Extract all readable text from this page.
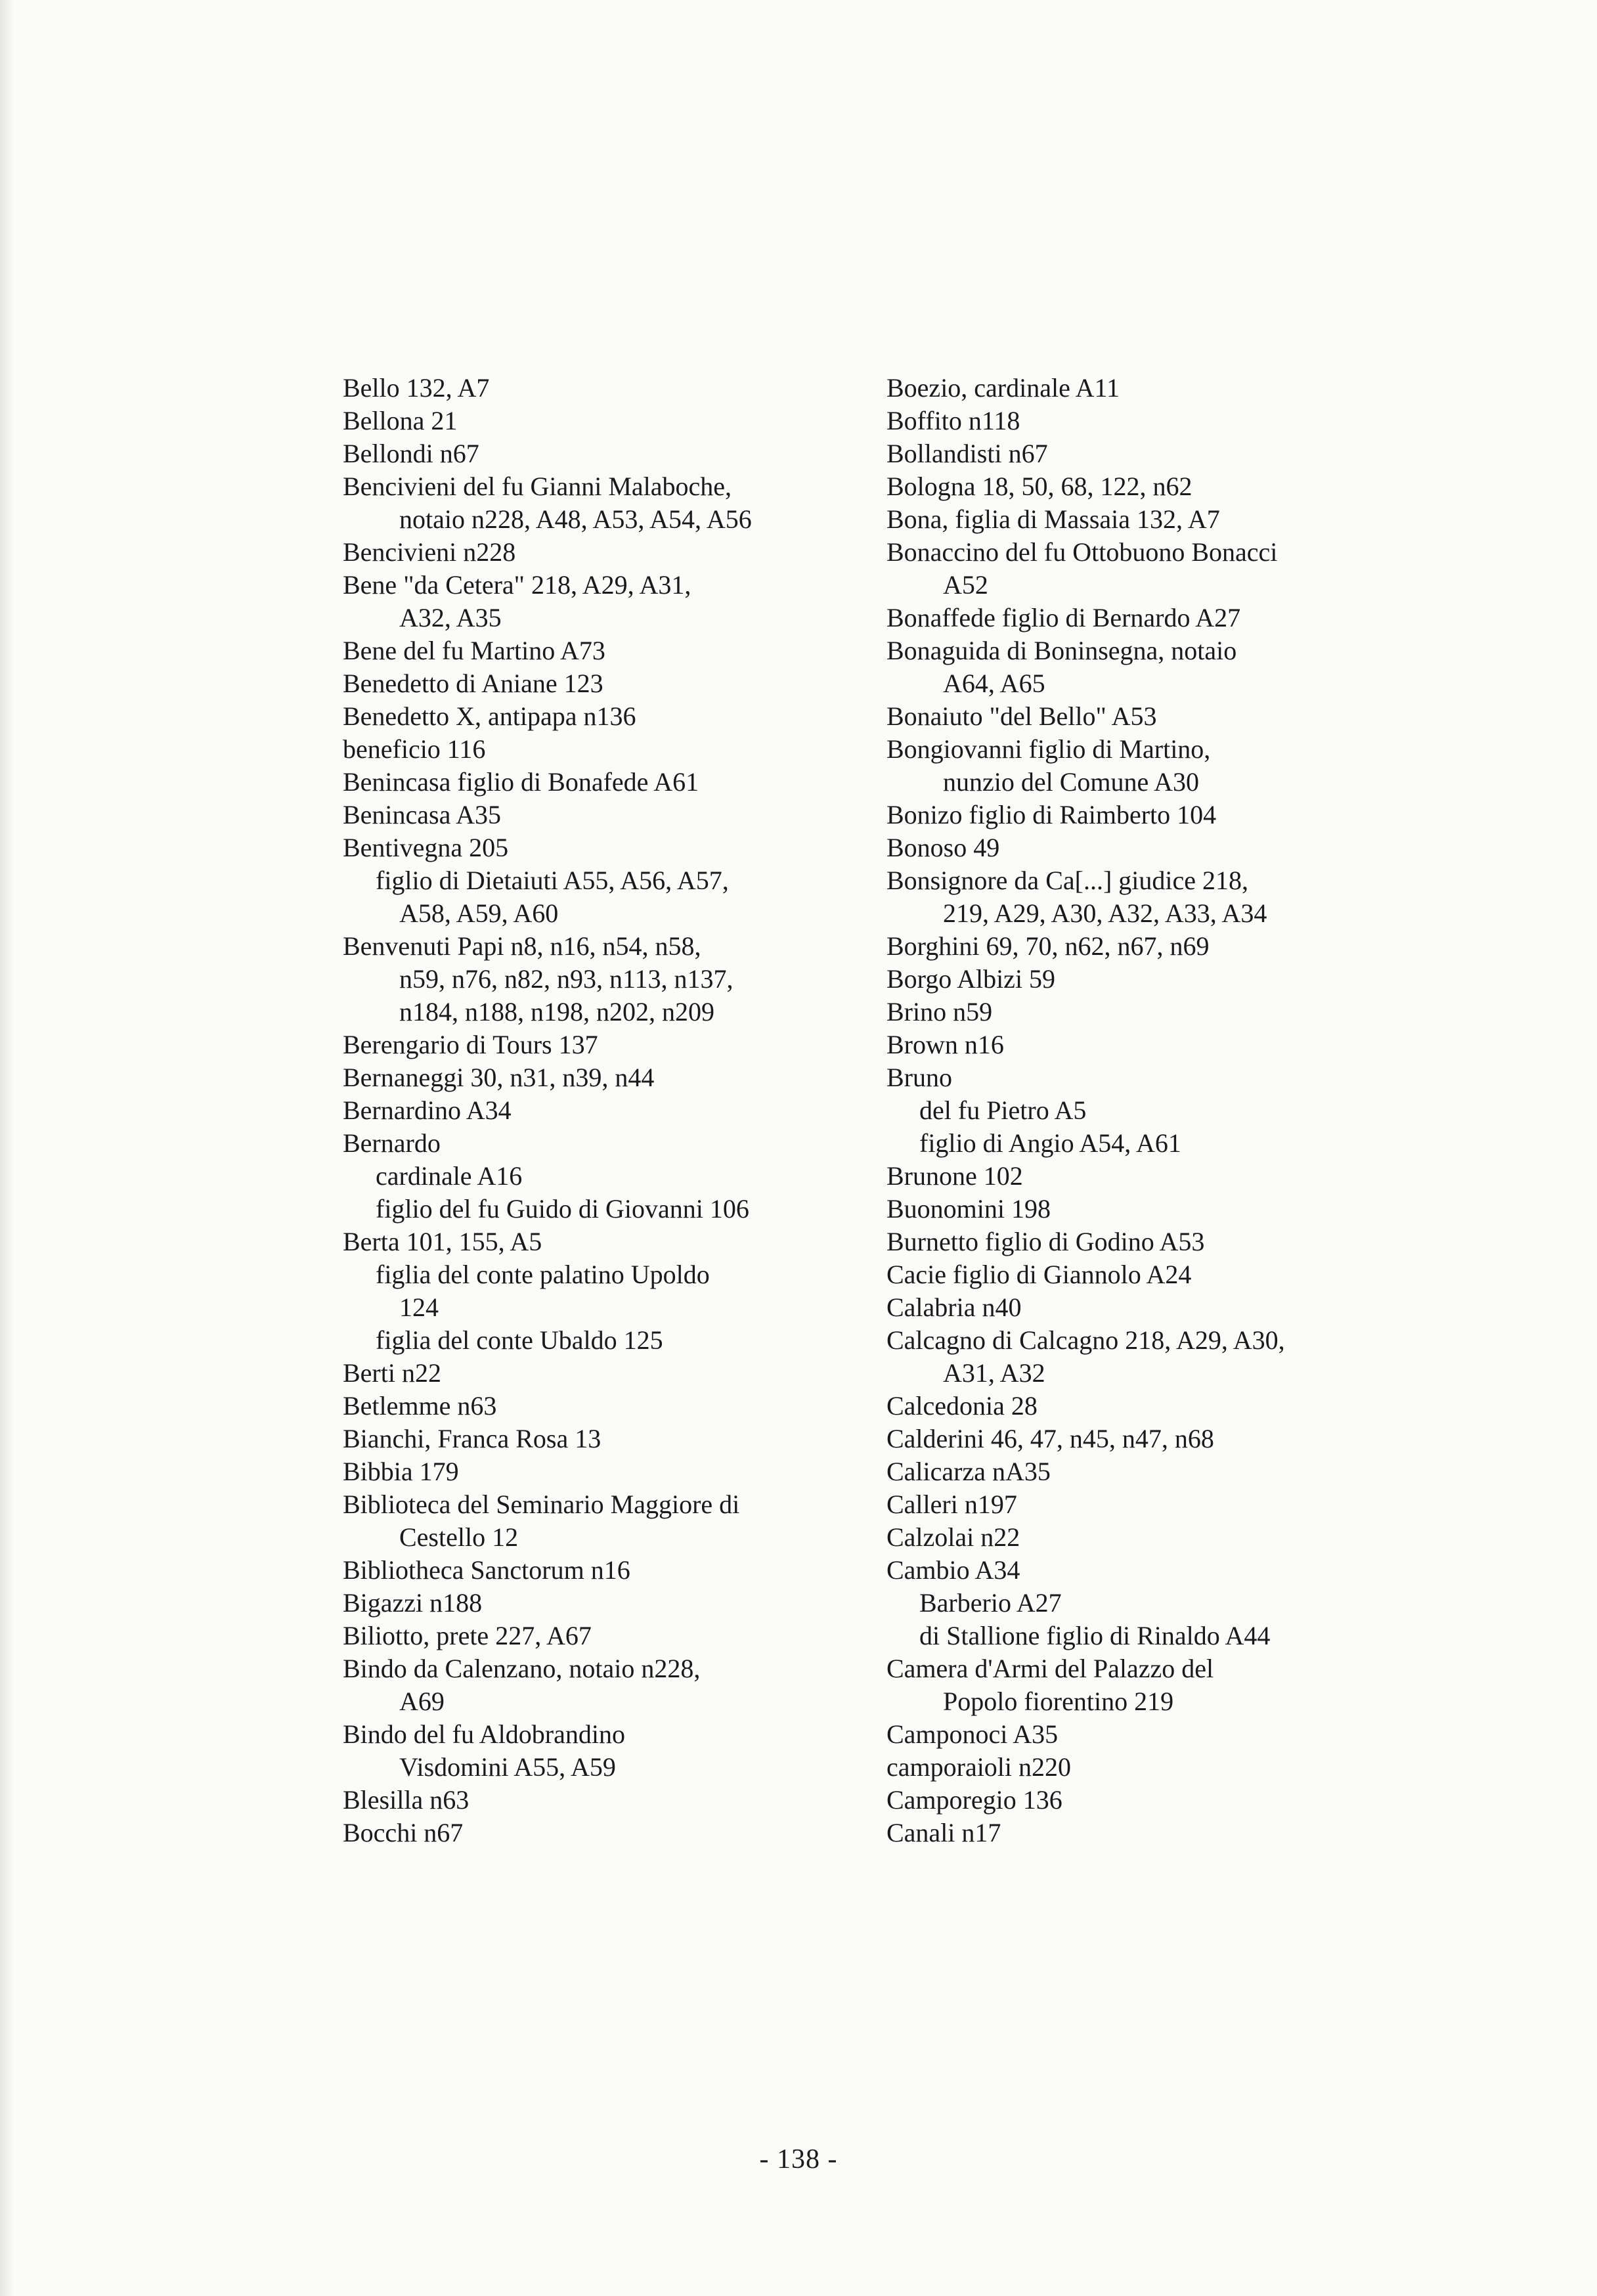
Bello 132, A7
Bellona 21
Bellondi n67
Bencivieni del fu Gianni Malaboche,
notaio n228, A48, A53, A54, A56
Bencivieni n228
Bene "da Cetera" 218, A29, A31,
A32, A35
Bene del fu Martino A73
Benedetto di Aniane 123
Benedetto X, antipapa n136
beneficio 116
Benincasa figlio di Bonafede A61
Benincasa A35
Bentivegna 205
figlio di Dietaiuti A55, A56, A57,
A58, A59, A60
Benvenuti Papi n8, n16, n54, n58,
n59, n76, n82, n93, n113, n137,
n184, n188, n198, n202, n209
Berengario di Tours 137
Bernaneggi 30, n31, n39, n44
Bernardino A34
Bernardo
cardinale A16
figlio del fu Guido di Giovanni 106
Berta 101, 155, A5
figlia del conte palatino Upoldo
124
figlia del conte Ubaldo 125
Berti n22
Betlemme n63
Bianchi, Franca Rosa 13
Bibbia 179
Biblioteca del Seminario Maggiore di
Cestello 12
Bibliotheca Sanctorum n16
Bigazzi n188
Biliotto, prete 227, A67
Bindo da Calenzano, notaio n228,
A69
Bindo del fu Aldobrandino
Visdomini A55, A59
Blesilla n63
Bocchi n67
Boezio, cardinale A11
Boffito n118
Bollandisti n67
Bologna 18, 50, 68, 122, n62
Bona, figlia di Massaia 132, A7
Bonaccino del fu Ottobuono Bonacci
A52
Bonaffede figlio di Bernardo A27
Bonaguida di Boninsegna, notaio
A64, A65
Bonaiuto "del Bello" A53
Bongiovanni figlio di Martino,
nunzio del Comune A30
Bonizo figlio di Raimberto 104
Bonoso 49
Bonsignore da Ca[...] giudice 218,
219, A29, A30, A32, A33, A34
Borghini 69, 70, n62, n67, n69
Borgo Albizi 59
Brino n59
Brown n16
Bruno
del fu Pietro A5
figlio di Angio A54, A61
Brunone 102
Buonomini 198
Burnetto figlio di Godino A53
Cacie figlio di Giannolo A24
Calabria n40
Calcagno di Calcagno 218, A29, A30,
A31, A32
Calcedonia 28
Calderini 46, 47, n45, n47, n68
Calicarza nA35
Calleri n197
Calzolai n22
Cambio A34
Barberio A27
di Stallione figlio di Rinaldo A44
Camera d'Armi del Palazzo del
Popolo fiorentino 219
Camponoci A35
camporaioli n220
Camporegio 136
Canali n17
- 138 -
